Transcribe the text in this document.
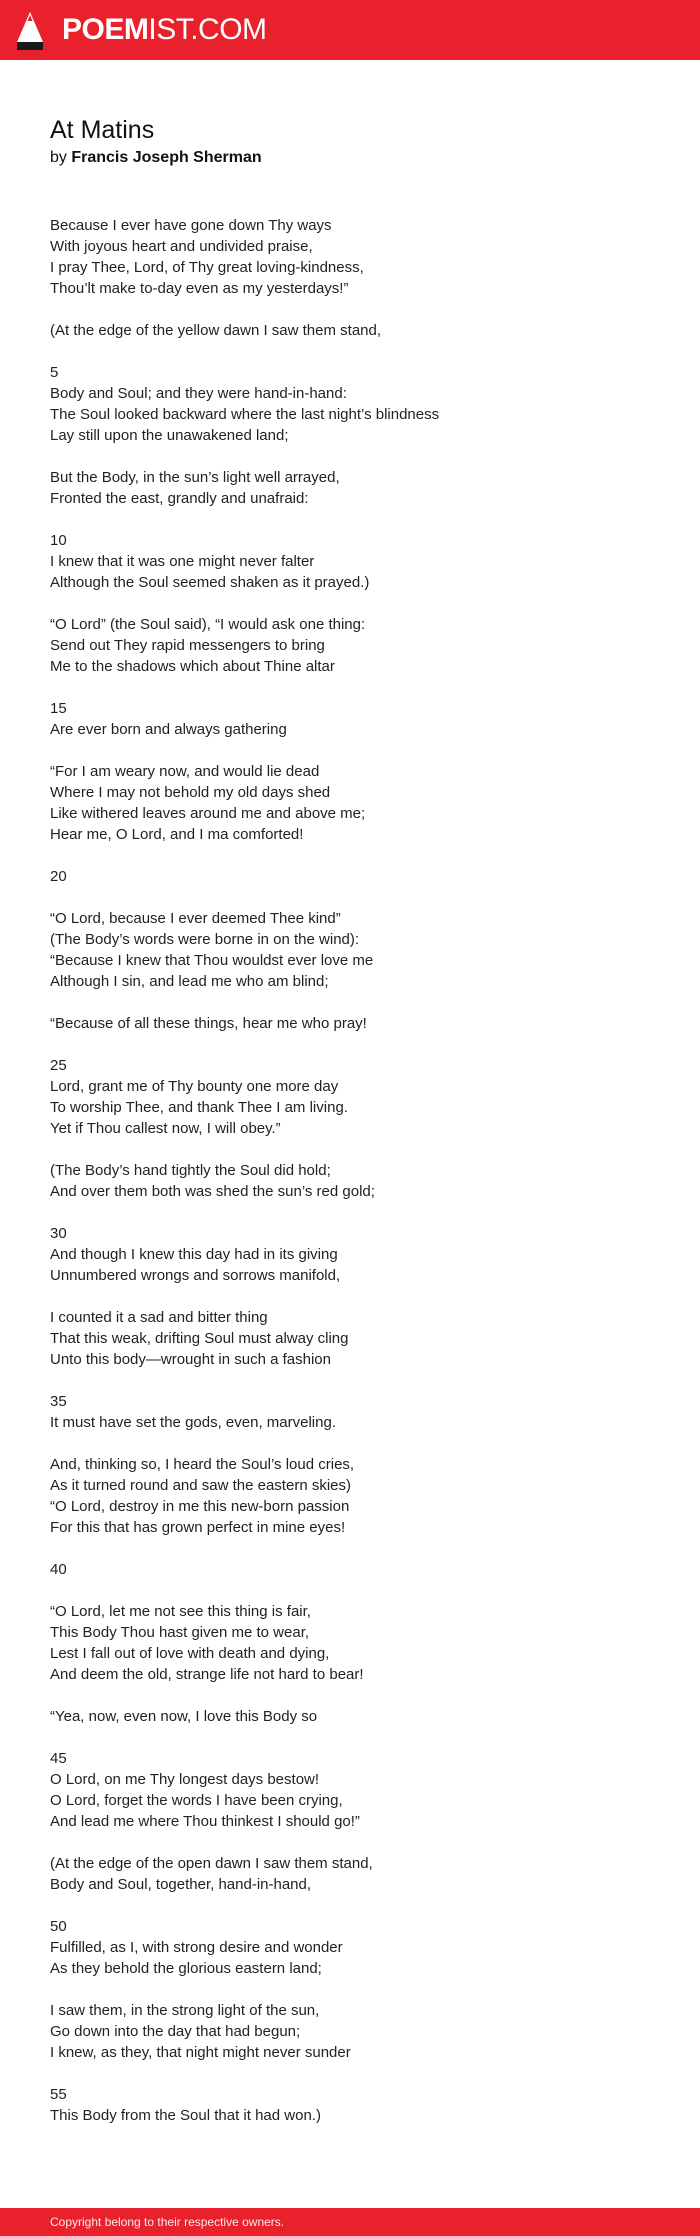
POEMIST.COM
At Matins
by Francis Joseph Sherman
Because I ever have gone down Thy ways
With joyous heart and undivided praise,
I pray Thee, Lord, of Thy great loving-kindness,
Thou’lt make to-day even as my yesterdays!”
(At the edge of the yellow dawn I saw them stand,
5
Body and Soul; and they were hand-in-hand:
The Soul looked backward where the last night’s blindness
Lay still upon the unawakened land;
But the Body, in the sun’s light well arrayed,
Fronted the east, grandly and unafraid:
10
I knew that it was one might never falter
Although the Soul seemed shaken as it prayed.)
“O Lord” (the Soul said), “I would ask one thing:
Send out They rapid messengers to bring
Me to the shadows which about Thine altar
15
Are ever born and always gathering
“For I am weary now, and would lie dead
Where I may not behold my old days shed
Like withered leaves around me and above me;
Hear me, O Lord, and I ma comforted!
20
“O Lord, because I ever deemed Thee kind”
(The Body’s words were borne in on the wind):
“Because I knew that Thou wouldst ever love me
Although I sin, and lead me who am blind;
“Because of all these things, hear me who pray!
25
Lord, grant me of Thy bounty one more day
To worship Thee, and thank Thee I am living.
Yet if Thou callest now, I will obey.”
(The Body’s hand tightly the Soul did hold;
And over them both was shed the sun’s red gold;
30
And though I knew this day had in its giving
Unnumbered wrongs and sorrows manifold,
I counted it a sad and bitter thing
That this weak, drifting Soul must alway cling
Unto this body—wrought in such a fashion
35
It must have set the gods, even, marveling.
And, thinking so, I heard the Soul’s loud cries,
As it turned round and saw the eastern skies)
“O Lord, destroy in me this new-born passion
For this that has grown perfect in mine eyes!
40
“O Lord, let me not see this thing is fair,
This Body Thou hast given me to wear,
Lest I fall out of love with death and dying,
And deem the old, strange life not hard to bear!
“Yea, now, even now, I love this Body so
45
O Lord, on me Thy longest days bestow!
O Lord, forget the words I have been crying,
And lead me where Thou thinkest I should go!”
(At the edge of the open dawn I saw them stand,
Body and Soul, together, hand-in-hand,
50
Fulfilled, as I, with strong desire and wonder
As they behold the glorious eastern land;
I saw them, in the strong light of the sun,
Go down into the day that had begun;
I knew, as they, that night might never sunder
55
This Body from the Soul that it had won.)
Copyright belong to their respective owners.
